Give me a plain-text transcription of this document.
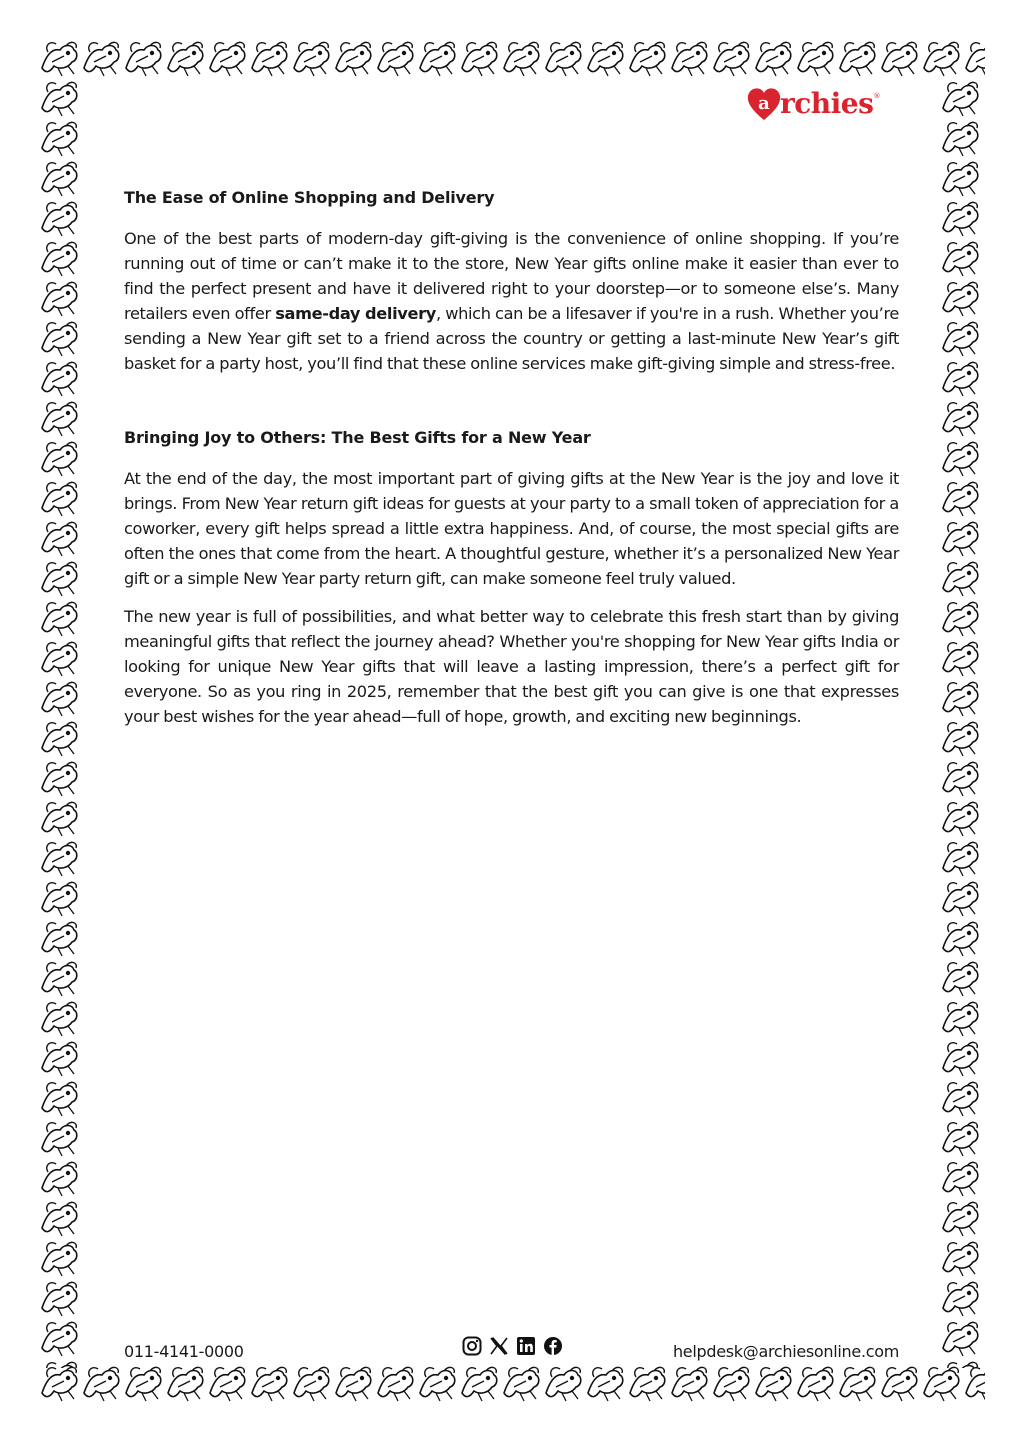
a rchies ®
The Ease of Online Shopping and Delivery

One of the best parts of modern-day gift-giving is the convenience of online shopping. If you’re running out of time or can’t make it to the store, New Year gifts online make it easier than ever to find the perfect present and have it delivered right to your doorstep—or to someone else’s. Many retailers even offer same-day delivery, which can be a lifesaver if you're in a rush. Whether you’re sending a New Year gift set to a friend across the country or getting a last-minute New Year’s gift basket for a party host, you’ll find that these online services make gift-giving simple and stress-free.

Bringing Joy to Others: The Best Gifts for a New Year

At the end of the day, the most important part of giving gifts at the New Year is the joy and love it brings. From New Year return gift ideas for guests at your party to a small token of appreciation for a coworker, every gift helps spread a little extra happiness. And, of course, the most special gifts are often the ones that come from the heart. A thoughtful gesture, whether it’s a personalized New Year gift or a simple New Year party return gift, can make someone feel truly valued.

The new year is full of possibilities, and what better way to celebrate this fresh start than by giving meaningful gifts that reflect the journey ahead? Whether you're shopping for New Year gifts India or looking for unique New Year gifts that will leave a lasting impression, there’s a perfect gift for everyone. So as you ring in 2025, remember that the best gift you can give is one that expresses your best wishes for the year ahead—full of hope, growth, and exciting new beginnings.

011-4141-0000	helpdesk@archiesonline.com
